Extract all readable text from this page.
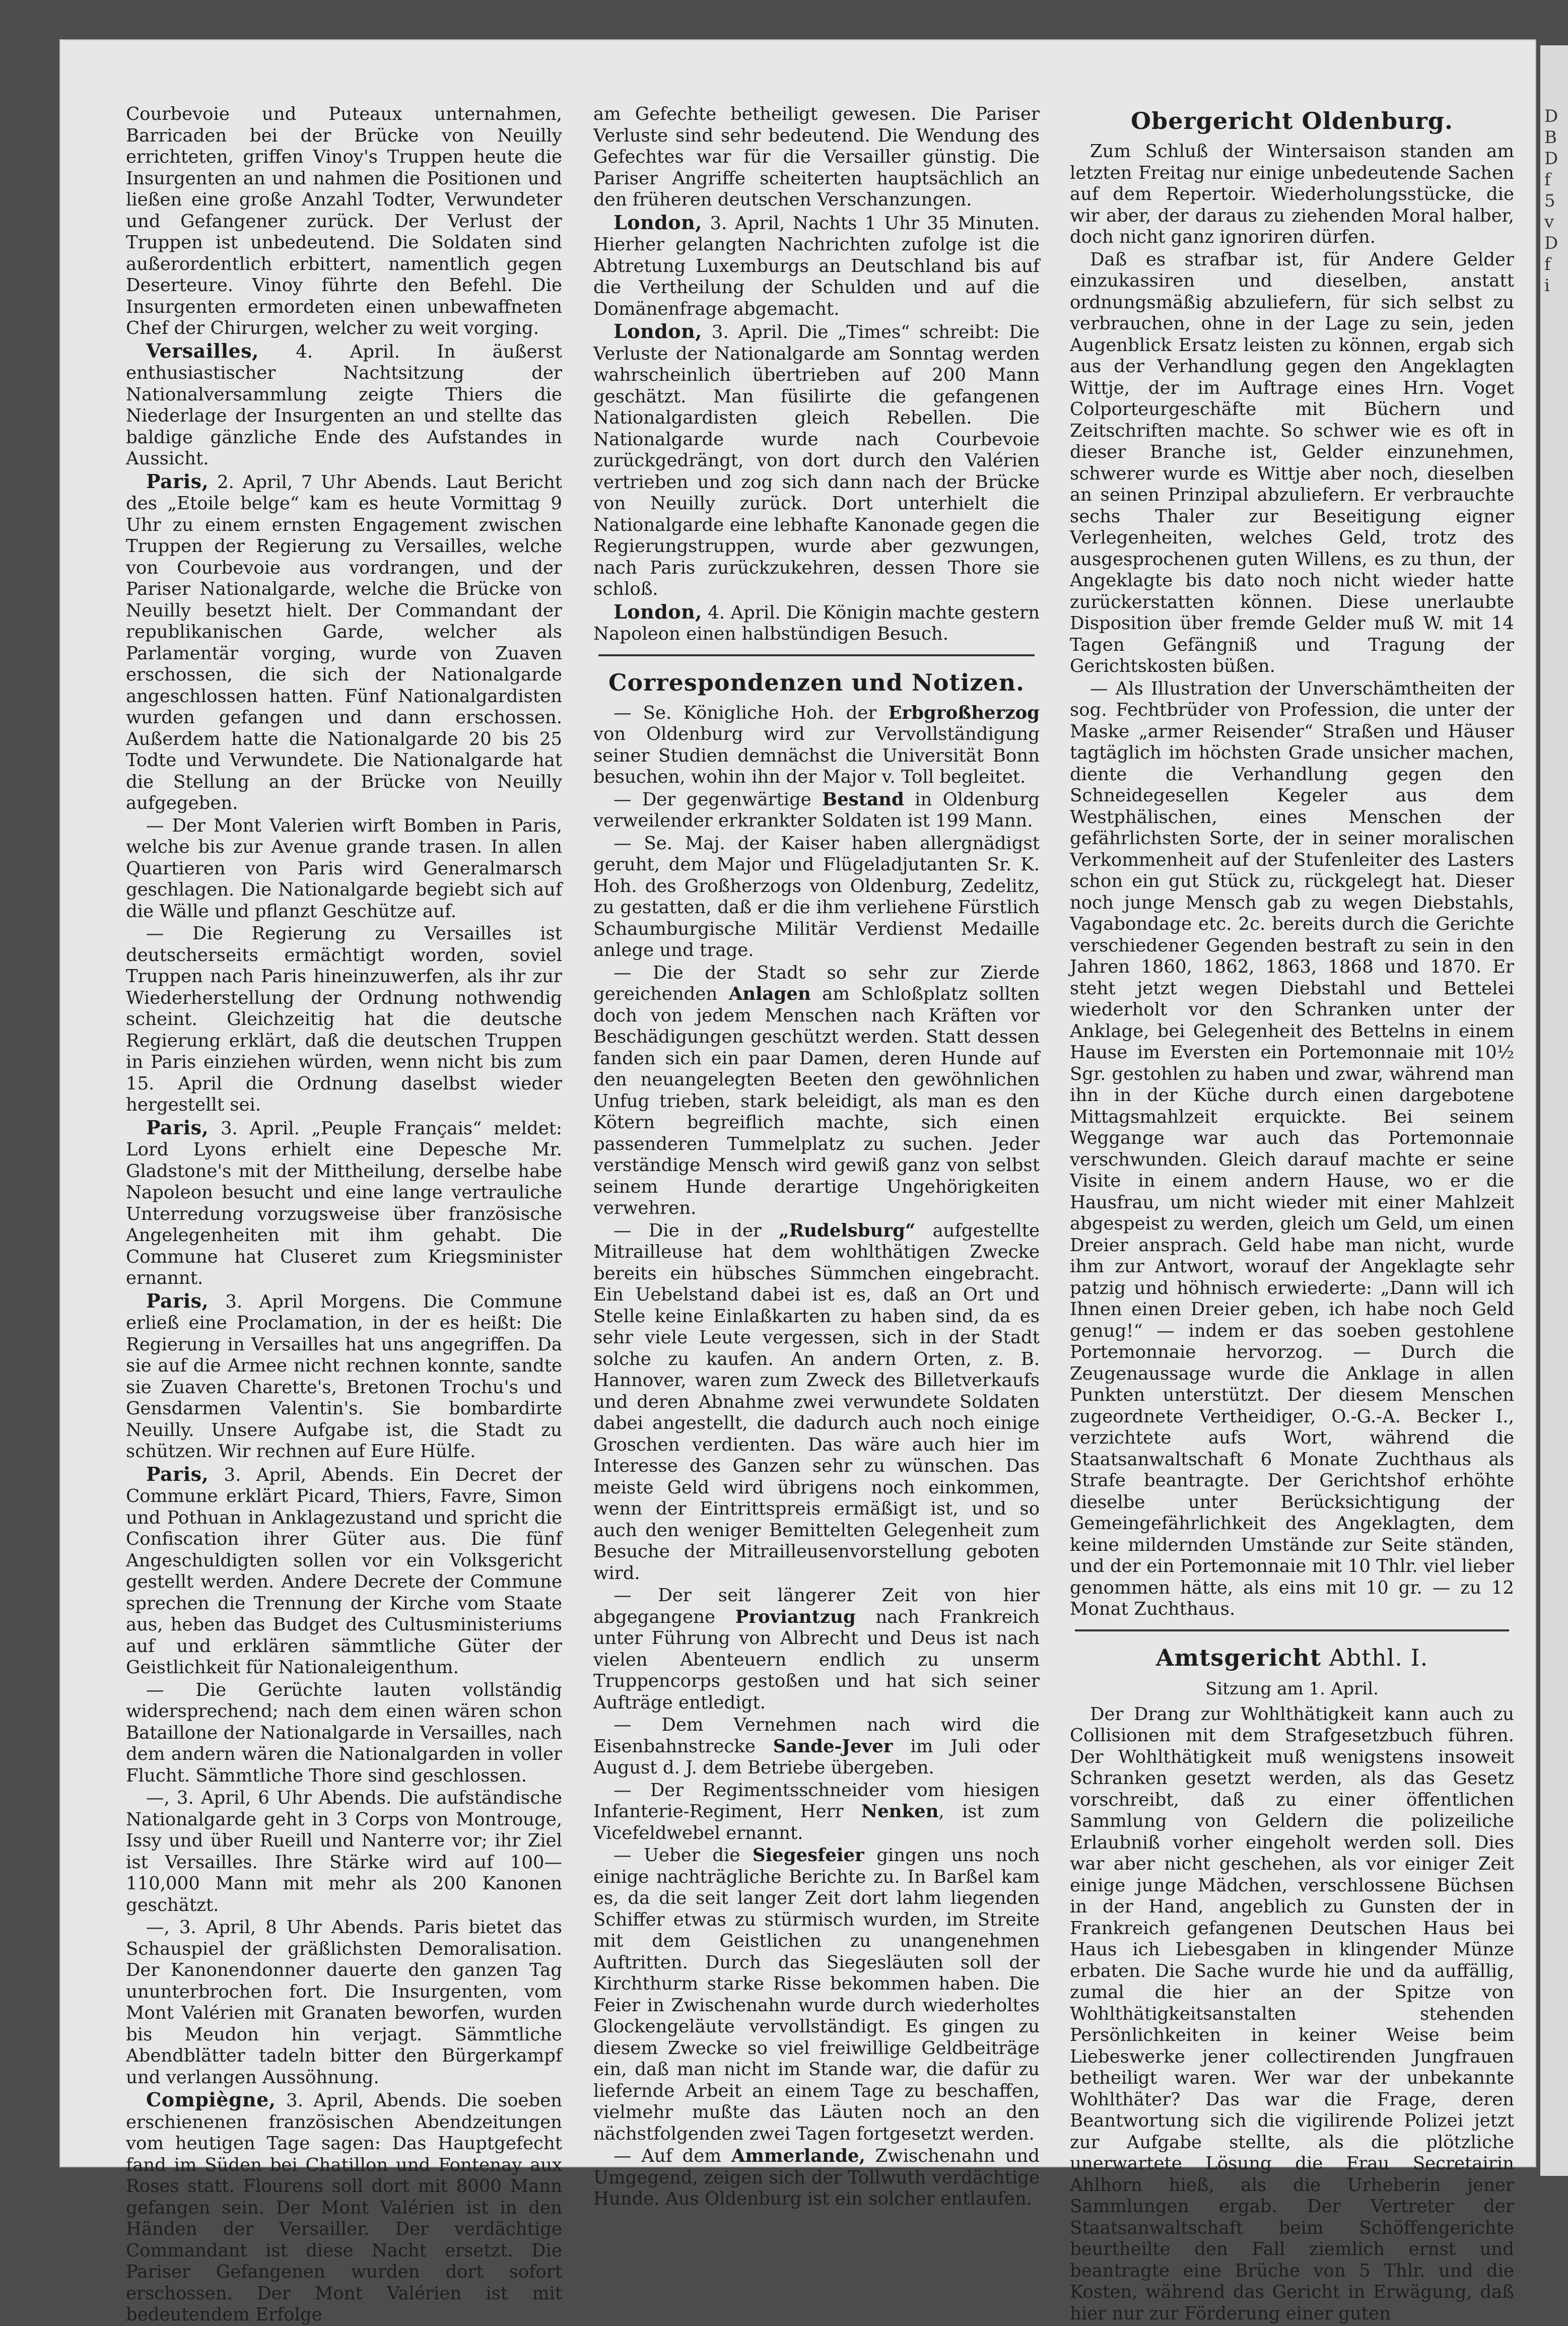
Courbevoie und Puteaux unternahmen, Barricaden bei der Brücke von Neuilly errichteten, griffen Vinoy's Truppen heute die Insurgenten an und nahmen die Positionen und ließen eine große Anzahl Todter, Verwundeter und Gefangener zurück. Der Verlust der Truppen ist unbedeutend. Die Soldaten sind außerordentlich erbittert, namentlich gegen Deserteure. Vinoy führte den Befehl. Die Insurgenten ermordeten einen unbewaffneten Chef der Chirurgen, welcher zu weit vorging.

Versailles, 4. April. In äußerst enthusiastischer Nachtsitzung der Nationalversammlung zeigte Thiers die Niederlage der Insurgenten an und stellte das baldige gänzliche Ende des Aufstandes in Aussicht.

Paris, 2. April, 7 Uhr Abends. Laut Bericht des „Etoile belge“ kam es heute Vormittag 9 Uhr zu einem ernsten Engagement zwischen Truppen der Regierung zu Versailles, welche von Courbevoie aus vordrangen, und der Pariser Nationalgarde, welche die Brücke von Neuilly besetzt hielt. Der Commandant der republikanischen Garde, welcher als Parlamentär vorging, wurde von Zuaven erschossen, die sich der Nationalgarde angeschlossen hatten. Fünf Nationalgardisten wurden gefangen und dann erschossen. Außerdem hatte die Nationalgarde 20 bis 25 Todte und Verwundete. Die Nationalgarde hat die Stellung an der Brücke von Neuilly aufgegeben.

— Der Mont Valerien wirft Bomben in Paris, welche bis zur Avenue grande trasen. In allen Quartieren von Paris wird Generalmarsch geschlagen. Die Nationalgarde begiebt sich auf die Wälle und pflanzt Geschütze auf.

— Die Regierung zu Versailles ist deutscherseits ermächtigt worden, soviel Truppen nach Paris hineinzuwerfen, als ihr zur Wiederherstellung der Ordnung nothwendig scheint. Gleichzeitig hat die deutsche Regierung erklärt, daß die deutschen Truppen in Paris einziehen würden, wenn nicht bis zum 15. April die Ordnung daselbst wieder hergestellt sei.

Paris, 3. April. „Peuple Français“ meldet: Lord Lyons erhielt eine Depesche Mr. Gladstone's mit der Mittheilung, derselbe habe Napoleon besucht und eine lange vertrauliche Unterredung vorzugsweise über französische Angelegenheiten mit ihm gehabt. Die Commune hat Cluseret zum Kriegsminister ernannt.

Paris, 3. April Morgens. Die Commune erließ eine Proclamation, in der es heißt: Die Regierung in Versailles hat uns angegriffen. Da sie auf die Armee nicht rechnen konnte, sandte sie Zuaven Charette's, Bretonen Trochu's und Gensdarmen Valentin's. Sie bombardirte Neuilly. Unsere Aufgabe ist, die Stadt zu schützen. Wir rechnen auf Eure Hülfe.

Paris, 3. April, Abends. Ein Decret der Commune erklärt Picard, Thiers, Favre, Simon und Pothuan in Anklagezustand und spricht die Confiscation ihrer Güter aus. Die fünf Angeschuldigten sollen vor ein Volksgericht gestellt werden. Andere Decrete der Commune sprechen die Trennung der Kirche vom Staate aus, heben das Budget des Cultusministeriums auf und erklären sämmtliche Güter der Geistlichkeit für Nationaleigenthum.

— Die Gerüchte lauten vollständig widersprechend; nach dem einen wären schon Bataillone der Nationalgarde in Versailles, nach dem andern wären die Nationalgarden in voller Flucht. Sämmtliche Thore sind geschlossen.

—, 3. April, 6 Uhr Abends. Die aufständische Nationalgarde geht in 3 Corps von Montrouge, Issy und über Rueill und Nanterre vor; ihr Ziel ist Versailles. Ihre Stärke wird auf 100—110,000 Mann mit mehr als 200 Kanonen geschätzt.

—, 3. April, 8 Uhr Abends. Paris bietet das Schauspiel der gräßlichsten Demoralisation. Der Kanonendonner dauerte den ganzen Tag ununterbrochen fort. Die Insurgenten, vom Mont Valérien mit Granaten beworfen, wurden bis Meudon hin verjagt. Sämmtliche Abendblätter tadeln bitter den Bürgerkampf und verlangen Aussöhnung.

Compiègne, 3. April, Abends. Die soeben erschienenen französischen Abendzeitungen vom heutigen Tage sagen: Das Hauptgefecht fand im Süden bei Chatillon und Fontenay aux Roses statt. Flourens soll dort mit 8000 Mann gefangen sein. Der Mont Valérien ist in den Händen der Versailler. Der verdächtige Commandant ist diese Nacht ersetzt. Die Pariser Gefangenen wurden dort sofort erschossen. Der Mont Valérien ist mit bedeutendem Erfolge

am Gefechte betheiligt gewesen. Die Pariser Verluste sind sehr bedeutend. Die Wendung des Gefechtes war für die Versailler günstig. Die Pariser Angriffe scheiterten hauptsächlich an den früheren deutschen Verschanzungen.

London, 3. April, Nachts 1 Uhr 35 Minuten. Hierher gelangten Nachrichten zufolge ist die Abtretung Luxemburgs an Deutschland bis auf die Vertheilung der Schulden und auf die Domänenfrage abgemacht.

London, 3. April. Die „Times“ schreibt: Die Verluste der Nationalgarde am Sonntag werden wahrscheinlich übertrieben auf 200 Mann geschätzt. Man füsilirte die gefangenen Nationalgardisten gleich Rebellen. Die Nationalgarde wurde nach Courbevoie zurückgedrängt, von dort durch den Valérien vertrieben und zog sich dann nach der Brücke von Neuilly zurück. Dort unterhielt die Nationalgarde eine lebhafte Kanonade gegen die Regierungstruppen, wurde aber gezwungen, nach Paris zurückzukehren, dessen Thore sie schloß.

London, 4. April. Die Königin machte gestern Napoleon einen halbstündigen Besuch.

Correspondenzen und Notizen.

— Se. Königliche Hoh. der Erbgroßherzog von Oldenburg wird zur Vervollständigung seiner Studien demnächst die Universität Bonn besuchen, wohin ihn der Major v. Toll begleitet.

— Der gegenwärtige Bestand in Oldenburg verweilender erkrankter Soldaten ist 199 Mann.

— Se. Maj. der Kaiser haben allergnädigst geruht, dem Major und Flügeladjutanten Sr. K. Hoh. des Großherzogs von Oldenburg, Zedelitz, zu gestatten, daß er die ihm verliehene Fürstlich Schaumburgische Militär Verdienst Medaille anlege und trage.

— Die der Stadt so sehr zur Zierde gereichenden Anlagen am Schloßplatz sollten doch von jedem Menschen nach Kräften vor Beschädigungen geschützt werden. Statt dessen fanden sich ein paar Damen, deren Hunde auf den neuangelegten Beeten den gewöhnlichen Unfug trieben, stark beleidigt, als man es den Kötern begreiflich machte, sich einen passenderen Tummelplatz zu suchen. Jeder verständige Mensch wird gewiß ganz von selbst seinem Hunde derartige Ungehörigkeiten verwehren.

— Die in der „Rudelsburg“ aufgestellte Mitrailleuse hat dem wohlthätigen Zwecke bereits ein hübsches Sümmchen eingebracht. Ein Uebelstand dabei ist es, daß an Ort und Stelle keine Einlaßkarten zu haben sind, da es sehr viele Leute vergessen, sich in der Stadt solche zu kaufen. An andern Orten, z. B. Hannover, waren zum Zweck des Billetverkaufs und deren Abnahme zwei verwundete Soldaten dabei angestellt, die dadurch auch noch einige Groschen verdienten. Das wäre auch hier im Interesse des Ganzen sehr zu wünschen. Das meiste Geld wird übrigens noch einkommen, wenn der Eintrittspreis ermäßigt ist, und so auch den weniger Bemittelten Gelegenheit zum Besuche der Mitrailleusenvorstellung geboten wird.

— Der seit längerer Zeit von hier abgegangene Proviantzug nach Frankreich unter Führung von Albrecht und Deus ist nach vielen Abenteuern endlich zu unserm Truppencorps gestoßen und hat sich seiner Aufträge entledigt.

— Dem Vernehmen nach wird die Eisenbahnstrecke Sande-Jever im Juli oder August d. J. dem Betriebe übergeben.

— Der Regimentsschneider vom hiesigen Infanterie-Regiment, Herr Nenken, ist zum Vicefeldwebel ernannt.

— Ueber die Siegesfeier gingen uns noch einige nachträgliche Berichte zu. In Barßel kam es, da die seit langer Zeit dort lahm liegenden Schiffer etwas zu stürmisch wurden, im Streite mit dem Geistlichen zu unangenehmen Auftritten. Durch das Siegesläuten soll der Kirchthurm starke Risse bekommen haben. Die Feier in Zwischenahn wurde durch wiederholtes Glockengeläute vervollständigt. Es gingen zu diesem Zwecke so viel freiwillige Geldbeiträge ein, daß man nicht im Stande war, die dafür zu liefernde Arbeit an einem Tage zu beschaffen, vielmehr mußte das Läuten noch an den nächstfolgenden zwei Tagen fortgesetzt werden.

— Auf dem Ammerlande, Zwischenahn und Umgegend, zeigen sich der Tollwuth verdächtige Hunde. Aus Oldenburg ist ein solcher entlaufen.

Obergericht Oldenburg.

Zum Schluß der Wintersaison standen am letzten Freitag nur einige unbedeutende Sachen auf dem Repertoir. Wiederholungsstücke, die wir aber, der daraus zu ziehenden Moral halber, doch nicht ganz ignoriren dürfen.

Daß es strafbar ist, für Andere Gelder einzukassiren und dieselben, anstatt ordnungsmäßig abzuliefern, für sich selbst zu verbrauchen, ohne in der Lage zu sein, jeden Augenblick Ersatz leisten zu können, ergab sich aus der Verhandlung gegen den Angeklagten Wittje, der im Auftrage eines Hrn. Voget Colporteurgeschäfte mit Büchern und Zeitschriften machte. So schwer wie es oft in dieser Branche ist, Gelder einzunehmen, schwerer wurde es Wittje aber noch, dieselben an seinen Prinzipal abzuliefern. Er verbrauchte sechs Thaler zur Beseitigung eigner Verlegenheiten, welches Geld, trotz des ausgesprochenen guten Willens, es zu thun, der Angeklagte bis dato noch nicht wieder hatte zurückerstatten können. Diese unerlaubte Disposition über fremde Gelder muß W. mit 14 Tagen Gefängniß und Tragung der Gerichtskosten büßen.

— Als Illustration der Unverschämtheiten der sog. Fechtbrüder von Profession, die unter der Maske „armer Reisender“ Straßen und Häuser tagtäglich im höchsten Grade unsicher machen, diente die Verhandlung gegen den Schneidegesellen Kegeler aus dem Westphälischen, eines Menschen der gefährlichsten Sorte, der in seiner moralischen Verkommenheit auf der Stufenleiter des Lasters schon ein gut Stück zu, rückgelegt hat. Dieser noch junge Mensch gab zu wegen Diebstahls, Vagabondage etc. 2c. bereits durch die Gerichte verschiedener Gegenden bestraft zu sein in den Jahren 1860, 1862, 1863, 1868 und 1870. Er steht jetzt wegen Diebstahl und Bettelei wiederholt vor den Schranken unter der Anklage, bei Gelegenheit des Bettelns in einem Hause im Eversten ein Portemonnaie mit 10½ Sgr. gestohlen zu haben und zwar, während man ihn in der Küche durch einen dargebotene Mittagsmahlzeit erquickte. Bei seinem Weggange war auch das Portemonnaie verschwunden. Gleich darauf machte er seine Visite in einem andern Hause, wo er die Hausfrau, um nicht wieder mit einer Mahlzeit abgespeist zu werden, gleich um Geld, um einen Dreier ansprach. Geld habe man nicht, wurde ihm zur Antwort, worauf der Angeklagte sehr patzig und höhnisch erwiederte: „Dann will ich Ihnen einen Dreier geben, ich habe noch Geld genug!“ — indem er das soeben gestohlene Portemonnaie hervorzog. — Durch die Zeugenaussage wurde die Anklage in allen Punkten unterstützt. Der diesem Menschen zugeordnete Vertheidiger, O.-G.-A. Becker I., verzichtete aufs Wort, während die Staatsanwaltschaft 6 Monate Zuchthaus als Strafe beantragte. Der Gerichtshof erhöhte dieselbe unter Berücksichtigung der Gemeingefährlichkeit des Angeklagten, dem keine mildernden Umstände zur Seite ständen, und der ein Portemonnaie mit 10 Thlr. viel lieber genommen hätte, als eins mit 10 gr. — zu 12 Monat Zuchthaus.

Amtsgericht Abthl. I.
Sitzung am 1. April.

Der Drang zur Wohlthätigkeit kann auch zu Collisionen mit dem Strafgesetzbuch führen. Der Wohlthätigkeit muß wenigstens insoweit Schranken gesetzt werden, als das Gesetz vorschreibt, daß zu einer öffentlichen Sammlung von Geldern die polizeiliche Erlaubniß vorher eingeholt werden soll. Dies war aber nicht geschehen, als vor einiger Zeit einige junge Mädchen, verschlossene Büchsen in der Hand, angeblich zu Gunsten der in Frankreich gefangenen Deutschen Haus bei Haus ich Liebesgaben in klingender Münze erbaten. Die Sache wurde hie und da auffällig, zumal die hier an der Spitze von Wohlthätigkeitsanstalten stehenden Persönlichkeiten in keiner Weise beim Liebeswerke jener collectirenden Jungfrauen betheiligt waren. Wer war der unbekannte Wohlthäter? Das war die Frage, deren Beantwortung sich die vigilirende Polizei jetzt zur Aufgabe stellte, als die plötzliche unerwartete Lösung die Frau Secretairin Ahlhorn hieß, als die Urheberin jener Sammlungen ergab. Der Vertreter der Staatsanwaltschaft beim Schöffengerichte beurtheilte den Fall ziemlich ernst und beantragte eine Brüche von 5 Thlr. und die Kosten, während das Gericht in Erwägung, daß hier nur zur Förderung einer guten

D
B
D
f
5
v
D
f
i
